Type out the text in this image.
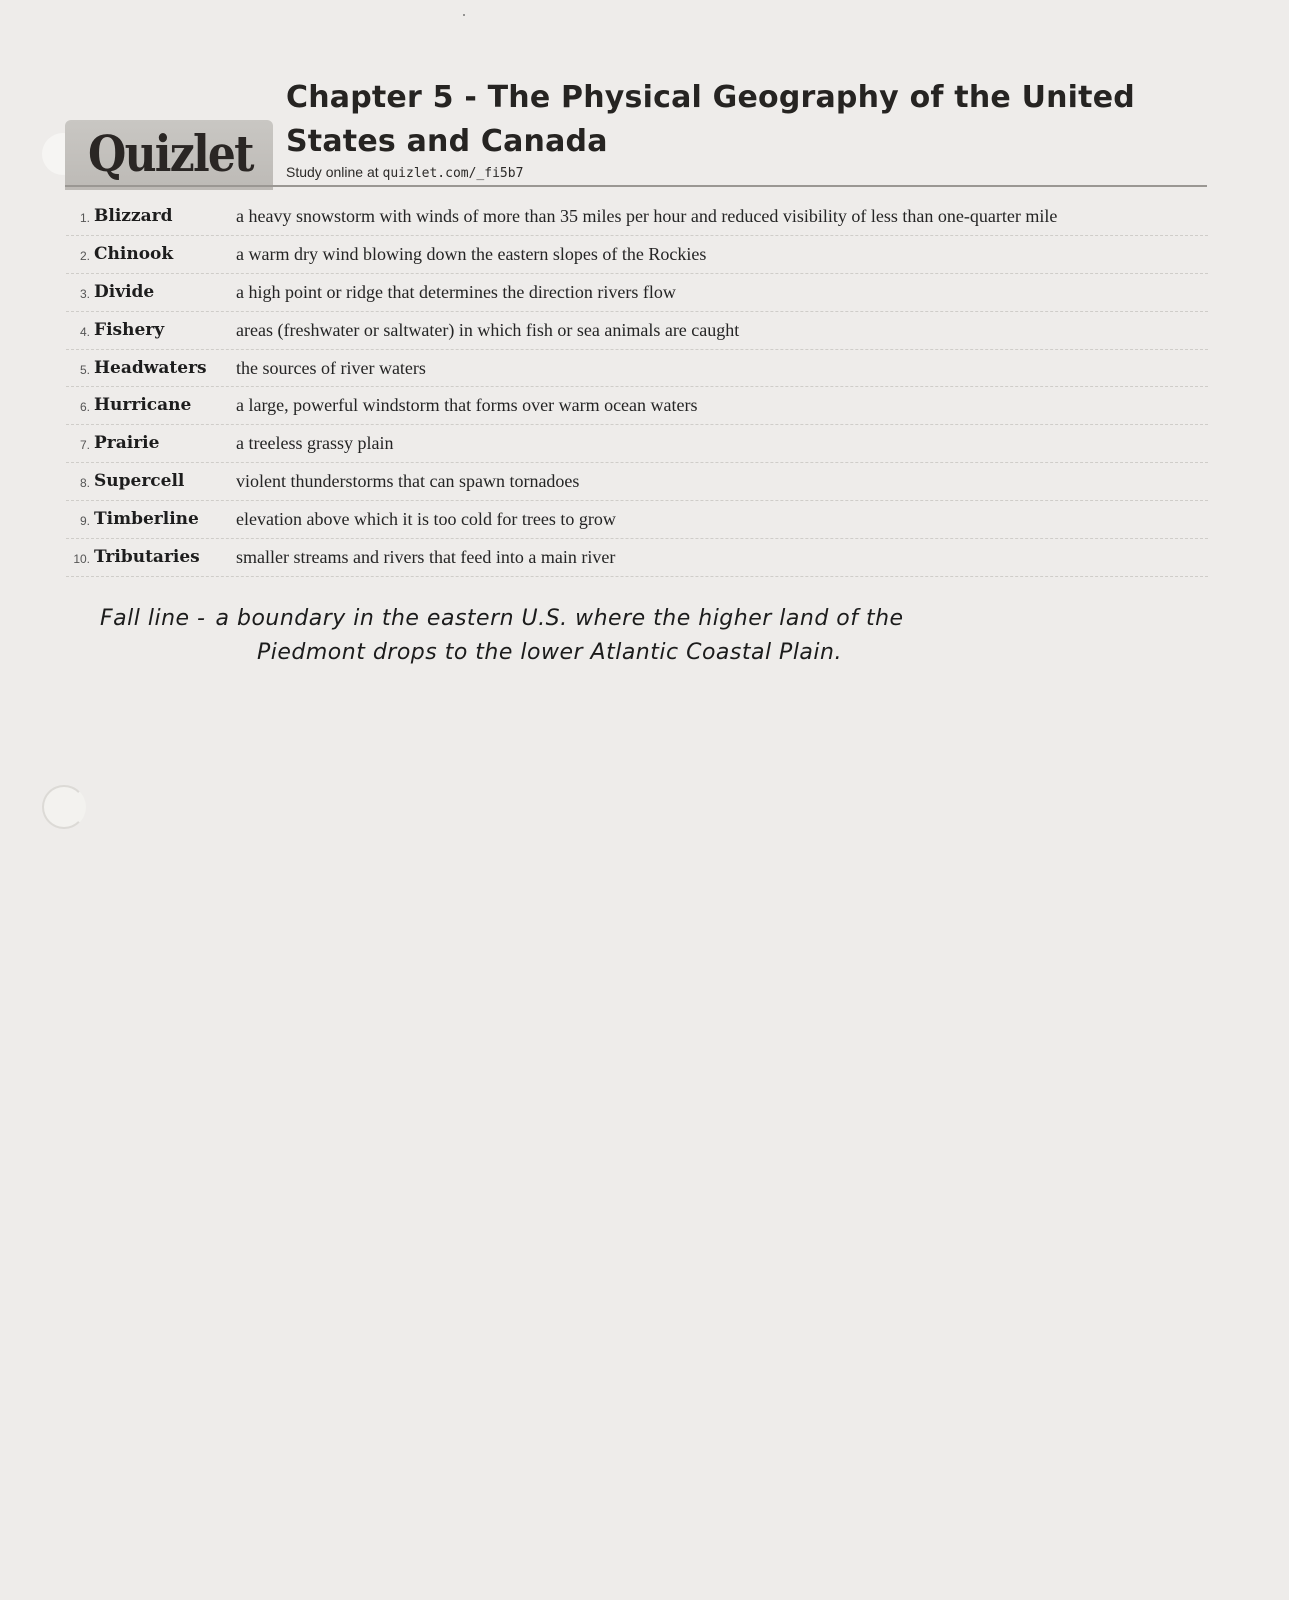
Quizlet
Chapter 5 - The Physical Geography of the United States and Canada
Study online at quizlet.com/_fi5b7
1. Blizzard	a heavy snowstorm with winds of more than 35 miles per hour and reduced visibility of less than one-quarter mile
2. Chinook	a warm dry wind blowing down the eastern slopes of the Rockies
3. Divide	a high point or ridge that determines the direction rivers flow
4. Fishery	areas (freshwater or saltwater) in which fish or sea animals are caught
5. Headwaters the sources of river waters
6. Hurricane a large, powerful windstorm that forms over warm ocean waters
7. Prairie	a treeless grassy plain
8. Supercell	violent thunderstorms that can spawn tornadoes
9. Timberline elevation above which it is too cold for trees to grow
10. Tributaries smaller streams and rivers that feed into a main river
Fall line - a boundary in the eastern U.S. where the higher land of the
Piedmont drops to the lower Atlantic Coastal Plain.
